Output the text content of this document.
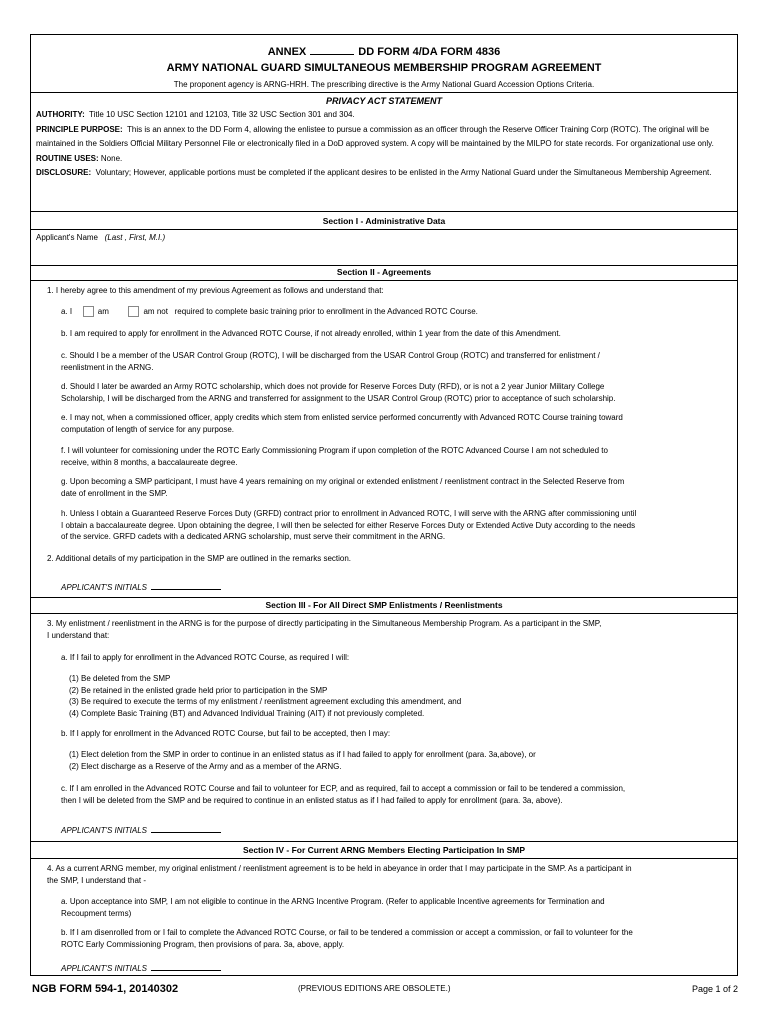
ANNEX	DD FORM 4/DA FORM 4836
ARMY NATIONAL GUARD SIMULTANEOUS MEMBERSHIP PROGRAM AGREEMENT
The proponent agency is ARNG-HRH. The prescribing directive is the Army National Guard Accession Options Criteria.
PRIVACY ACT STATEMENT
AUTHORITY: Title 10 USC Section 12101 and 12103, Title 32 USC Section 301 and 304.
PRINCIPLE PURPOSE: This is an annex to the DD Form 4, allowing the enlistee to pursue a commission as an officer through the Reserve Officer Training Corp (ROTC). The original will be maintained in the Soldiers Official Military Personnel File or electronically filed in a DoD approved system. A copy will be maintained by the MILPO for state records. For organizational use only.
ROUTINE USES: None.
DISCLOSURE: Voluntary; However, applicable portions must be completed if the applicant desires to be enlisted in the Army National Guard under the Simultaneous Membership Agreement.
Section I - Administrative Data
Applicant's Name (Last , First, M.I.)
Section II - Agreements
1. I hereby agree to this amendment of my previous Agreement as follows and understand that:
a. I	am	am not required to complete basic training prior to enrollment in the Advanced ROTC Course.
b. I am required to apply for enrollment in the Advanced ROTC Course, if not already enrolled, within 1 year from the date of this Amendment.
c. Should I be a member of the USAR Control Group (ROTC), I will be discharged from the USAR Control Group (ROTC) and transferred for enlistment /
reenlistment in the ARNG.
d. Should I later be awarded an Army ROTC scholarship, which does not provide for Reserve Forces Duty (RFD), or is not a 2 year Junior Military College
Scholarship, I will be discharged from the ARNG and transferred for assignment to the USAR Control Group (ROTC) prior to acceptance of such scholarship.
e. I may not, when a commissioned officer, apply credits which stem from enlisted service performed concurrently with Advanced ROTC Course training toward
computation of length of service for any purpose.
f. I will volunteer for comissioning under the ROTC Early Commissioning Program if upon completion of the ROTC Advanced Course I am not scheduled to
receive, within 8 months, a baccalaureate degree.
g. Upon becoming a SMP participant, I must have 4 years remaining on my original or extended enlistment / reenlistment contract in the Selected Reserve from
date of enrollment in the SMP.
h. Unless I obtain a Guaranteed Reserve Forces Duty (GRFD) contract prior to enrollment in Advanced ROTC, I will serve with the ARNG after commissioning until
I obtain a baccalaureate degree. Upon obtaining the degree, I will then be selected for either Reserve Forces Duty or Extended Active Duty according to the needs
of the service. GRFD cadets with a dedicated ARNG scholarship, must serve their commitment in the ARNG.
2. Additional details of my participation in the SMP are outlined in the remarks section.
APPLICANT'S INITIALS
Section III - For All Direct SMP Enlistments / Reenlistments
3. My enlistment / reenlistment in the ARNG is for the purpose of directly participating in the Simultaneous Membership Program. As a participant in the SMP,
I understand that:
a. If I fail to apply for enrollment in the Advanced ROTC Course, as required I will:
(1) Be deleted from the SMP
(2) Be retained in the enlisted grade held prior to participation in the SMP
(3) Be required to execute the terms of my enlistment / reenlistment agreement excluding this amendment, and
(4) Complete Basic Training (BT) and Advanced Individual Training (AIT) if not previously completed.
b. If I apply for enrollment in the Advanced ROTC Course, but fail to be accepted, then I may:
(1) Elect deletion from the SMP in order to continue in an enlisted status as if I had failed to apply for enrollment (para. 3a,above), or
(2) Elect discharge as a Reserve of the Army and as a member of the ARNG.
c. If I am enrolled in the Advanced ROTC Course and fail to volunteer for ECP, and as required, fail to accept a commission or fail to be tendered a commission,
then I will be deleted from the SMP and be required to continue in an enlisted status as if I had failed to apply for enrollment (para. 3a, above).
APPLICANT'S INITIALS
Section IV - For Current ARNG Members Electing Participation In SMP
4. As a current ARNG member, my original enlistment / reenlistment agreement is to be held in abeyance in order that I may participate in the SMP. As a participant in
the SMP, I understand that -
a. Upon acceptance into SMP, I am not eligible to continue in the ARNG Incentive Program. (Refer to applicable Incentive agreements for Termination and
Recoupment terms)
b. If I am disenrolled from or I fail to complete the Advanced ROTC Course, or fail to be tendered a commission or accept a commission, or fail to volunteer for the
ROTC Early Commissioning Program, then provisions of para. 3a, above, apply.
APPLICANT'S INITIALS
NGB FORM 594-1, 20140302	(PREVIOUS EDITIONS ARE OBSOLETE.)	Page 1 of 2
